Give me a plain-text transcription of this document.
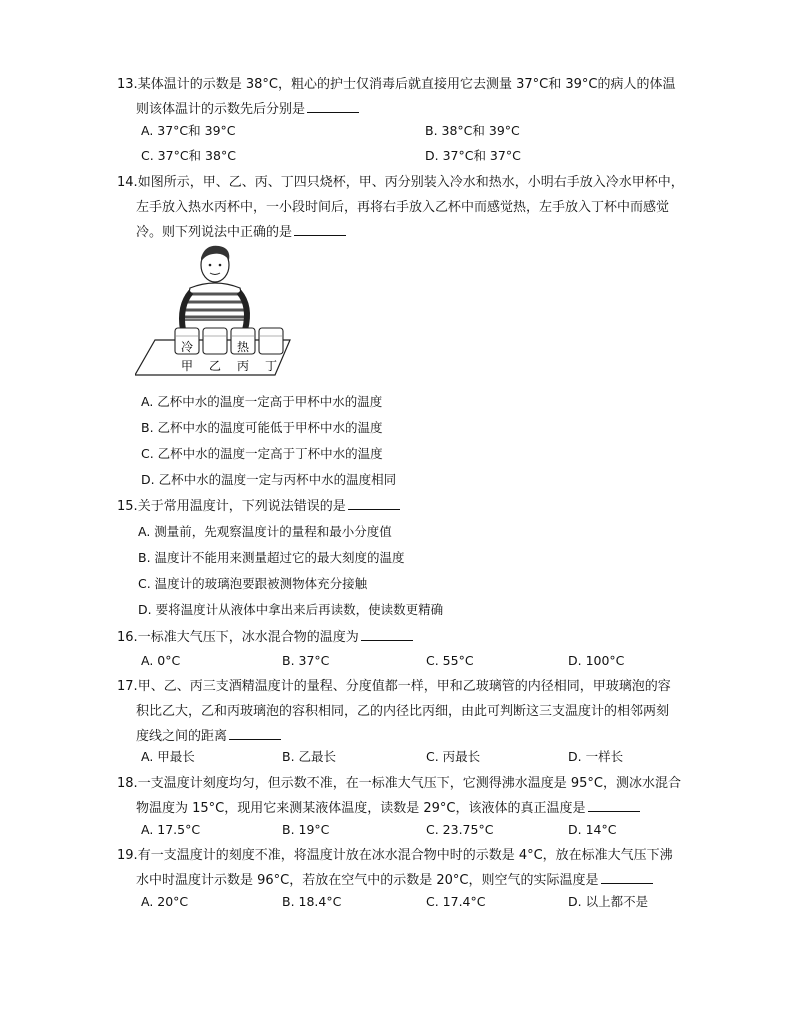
13.某体温计的示数是 38°C，粗心的护士仅消毒后就直接用它去测量 37°C和 39°C的病人的体温
则该体温计的示数先后分别是
A. 37°C和 39°C	B. 38°C和 39°C
C. 37°C和 38°C	D. 37°C和 37°C
14.如图所示，甲、乙、丙、丁四只烧杯，甲、丙分别装入冷水和热水，小明右手放入冷水甲杯中，
左手放入热水丙杯中，一小段时间后，再将右手放入乙杯中而感觉热，左手放入丁杯中而感觉
冷。则下列说法中正确的是
冷	热
甲 乙 丙 丁
A. 乙杯中水的温度一定高于甲杯中水的温度
B. 乙杯中水的温度可能低于甲杯中水的温度
C. 乙杯中水的温度一定高于丁杯中水的温度
D. 乙杯中水的温度一定与丙杯中水的温度相同
15.关于常用温度计，下列说法错误的是
A. 测量前，先观察温度计的量程和最小分度值
B. 温度计不能用来测量超过它的最大刻度的温度
C. 温度计的玻璃泡要跟被测物体充分接触
D. 要将温度计从液体中拿出来后再读数，使读数更精确
16.一标准大气压下，冰水混合物的温度为
A. 0°C	B. 37°C	C. 55°C	D. 100°C
17.甲、乙、丙三支酒精温度计的量程、分度值都一样，甲和乙玻璃管的内径相同，甲玻璃泡的容
积比乙大，乙和丙玻璃泡的容积相同，乙的内径比丙细，由此可判断这三支温度计的相邻两刻
度线之间的距离
A. 甲最长	B. 乙最长	C. 丙最长	D. 一样长
18.一支温度计刻度均匀，但示数不准，在一标准大气压下，它测得沸水温度是 95°C，测冰水混合
物温度为 15°C，现用它来测某液体温度，读数是 29°C，该液体的真正温度是
A. 17.5°C	B. 19°C	C. 23.75°C	D. 14°C
19.有一支温度计的刻度不准，将温度计放在冰水混合物中时的示数是 4°C，放在标准大气压下沸
水中时温度计示数是 96°C，若放在空气中的示数是 20°C，则空气的实际温度是
A. 20°C	B. 18.4°C	C. 17.4°C	D. 以上都不是
